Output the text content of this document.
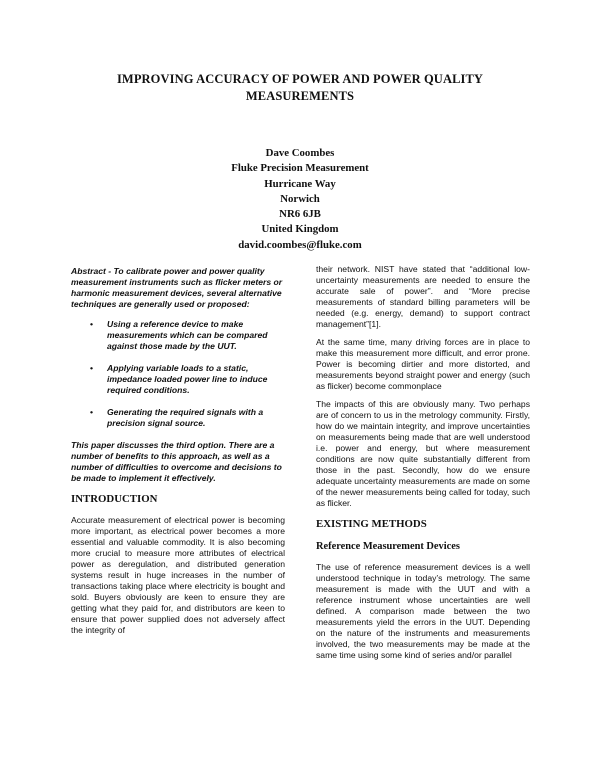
IMPROVING ACCURACY OF POWER AND POWER QUALITY
MEASUREMENTS
Dave Coombes
Fluke Precision Measurement
Hurricane Way
Norwich
NR6 6JB
United Kingdom
david.coombes@fluke.com

Abstract - To calibrate power and power quality measurement instruments such as flicker meters or harmonic measurement devices, several alternative techniques are generally used or proposed:

• Using a reference device to make measurements which can be compared against those made by the UUT.
• Applying variable loads to a static, impedance loaded power line to induce required conditions.
• Generating the required signals with a precision signal source.

This paper discusses the third option. There are a number of benefits to this approach, as well as a number of difficulties to overcome and decisions to be made to implement it effectively.

INTRODUCTION

Accurate measurement of electrical power is becoming more important, as electrical power becomes a more essential and valuable commodity. It is also becoming more crucial to measure more attributes of electrical power as deregulation, and distributed generation systems result in huge increases in the number of transactions taking place where electricity is bought and sold. Buyers obviously are keen to ensure they are getting what they paid for, and distributors are keen to ensure that power supplied does not adversely affect the integrity of

their network. NIST have stated that “additional low-uncertainty measurements are needed to ensure the accurate sale of power”. and “More precise measurements of standard billing parameters will be needed (e.g. energy, demand) to support contract management”[1].

At the same time, many driving forces are in place to make this measurement more difficult, and error prone. Power is becoming dirtier and more distorted, and measurements beyond straight power and energy (such as flicker) become commonplace

The impacts of this are obviously many. Two perhaps are of concern to us in the metrology community. Firstly, how do we maintain integrity, and improve uncertainties on measurements being made that are well understood i.e. power and energy, but where measurement conditions are now quite substantially different from those in the past. Secondly, how do we ensure adequate uncertainty measurements are made on some of the newer measurements being called for today, such as flicker.

EXISTING METHODS

Reference Measurement Devices

The use of reference measurement devices is a well understood technique in today’s metrology. The same measurement is made with the UUT and with a reference instrument whose uncertainties are well defined. A comparison made between the two measurements yield the errors in the UUT. Depending on the nature of the instruments and measurements involved, the two measurements may be made at the same time using some kind of series and/or parallel
